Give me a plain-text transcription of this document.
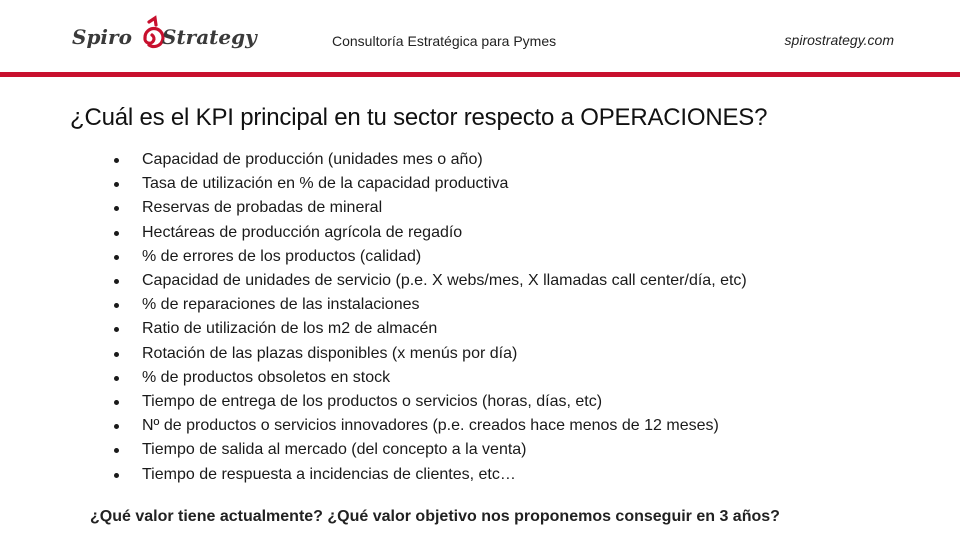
Spiro Strategy	Consultoría Estratégica para Pymes	spirostrategy.com
¿Cuál es el KPI principal en tu sector respecto a OPERACIONES?
Capacidad de producción (unidades mes o año)
Tasa de utilización en % de la capacidad productiva
Reservas de probadas de mineral
Hectáreas de producción agrícola de regadío
% de errores de los productos (calidad)
Capacidad de unidades de servicio (p.e. X webs/mes, X llamadas call center/día, etc)
% de reparaciones de las instalaciones
Ratio de utilización de los m2 de almacén
Rotación de las plazas disponibles (x menús por día)
% de productos obsoletos en stock
Tiempo de entrega de los productos o servicios (horas, días, etc)
Nº de productos o servicios innovadores (p.e. creados hace menos de 12 meses)
Tiempo de salida al mercado (del concepto a la venta)
Tiempo de respuesta a incidencias de clientes, etc…
¿Qué valor tiene actualmente? ¿Qué valor objetivo nos proponemos conseguir en 3 años?
